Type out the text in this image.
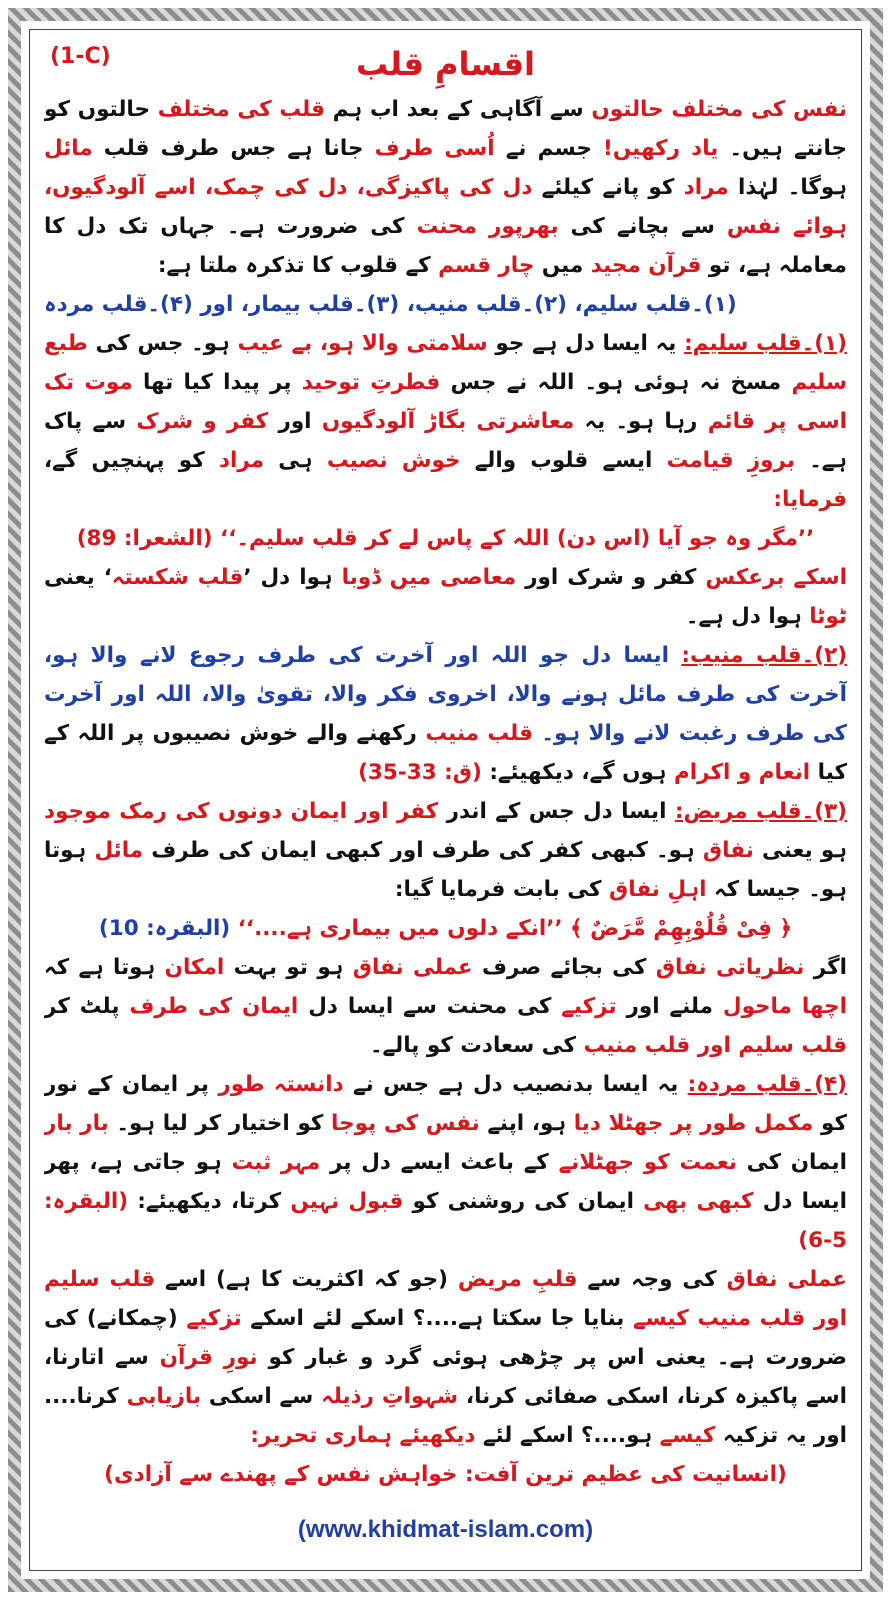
(1-C)	اقسامِ قلب

نفس کی مختلف حالتوں سے آگاہی کے بعد اب ہم قلب کی مختلف حالتوں کو جانتے ہیں۔ یاد رکھیں! جسم نے اُسی طرف جانا ہے جس طرف قلب مائل ہوگا۔ لہٰذا مراد کو پانے کیلئے دل کی پاکیزگی، دل کی چمک، اسے آلودگیوں، ہوائے نفس سے بچانے کی بھرپور محنت کی ضرورت ہے۔ جہاں تک دل کا معاملہ ہے، تو قرآن مجید میں چار قسم کے قلوب کا تذکرہ ملتا ہے:

(۱)۔قلب سلیم، (۲)۔قلب منیب، (۳)۔قلب بیمار، اور (۴)۔قلب مردہ

(۱)۔قلب سلیم: یہ ایسا دل ہے جو سلامتی والا ہو، بے عیب ہو۔ جس کی طبع سلیم مسخ نہ ہوئی ہو۔ اللہ نے جس فطرتِ توحید پر پیدا کیا تھا موت تک اسی پر قائم رہا ہو۔ یہ معاشرتی بگاڑ آلودگیوں اور کفر و شرک سے پاک ہے۔ بروزِ قیامت ایسے قلوب والے خوش نصیب ہی مراد کو پہنچیں گے، فرمایا:

’’مگر وہ جو آیا (اس دن) اللہ کے پاس لے کر قلب سلیم۔‘‘ (الشعرا: 89)

اسکے برعکس کفر و شرک اور معاصی میں ڈوبا ہوا دل ’قلب شکستہ‘ یعنی ٹوٹا ہوا دل ہے۔

(۲)۔قلب منیب: ایسا دل جو اللہ اور آخرت کی طرف رجوع لانے والا ہو، آخرت کی طرف مائل ہونے والا، اخروی فکر والا، تقویٰ والا، اللہ اور آخرت کی طرف رغبت لانے والا ہو۔ قلب منیب رکھنے والے خوش نصیبوں پر اللہ کے کیا انعام و اکرام ہوں گے، دیکھیئے: (ق: 33-35)

(۳)۔قلب مریض: ایسا دل جس کے اندر کفر اور ایمان دونوں کی رمک موجود ہو یعنی نفاق ہو۔ کبھی کفر کی طرف اور کبھی ایمان کی طرف مائل ہوتا ہو۔ جیسا کہ اہلِ نفاق کی بابت فرمایا گیا:

﴿ فِیْ قُلُوْبِهِمْ مَّرَضٌ ﴾ ’’انکے دلوں میں بیماری ہے....‘‘ (البقرہ: 10)

اگر نظریاتی نفاق کی بجائے صرف عملی نفاق ہو تو بہت امکان ہوتا ہے کہ اچھا ماحول ملنے اور تزکیے کی محنت سے ایسا دل ایمان کی طرف پلٹ کر قلب سلیم اور قلب منیب کی سعادت کو پالے۔

(۴)۔قلب مردہ: یہ ایسا بدنصیب دل ہے جس نے دانستہ طور پر ایمان کے نور کو مکمل طور پر جھٹلا دیا ہو، اپنے نفس کی پوجا کو اختیار کر لیا ہو۔ بار بار ایمان کی نعمت کو جھٹلانے کے باعث ایسے دل پر مہر ثبت ہو جاتی ہے، پھر ایسا دل کبھی بھی ایمان کی روشنی کو قبول نہیں کرتا، دیکھیئے: (البقرہ: 5-6)

عملی نفاق کی وجہ سے قلبِ مریض (جو کہ اکثریت کا ہے) اسے قلب سلیم اور قلب منیب کیسے بنایا جا سکتا ہے....؟ اسکے لئے اسکے تزکیے (چمکانے) کی ضرورت ہے۔ یعنی اس پر چڑھی ہوئی گرد و غبار کو نورِ قرآن سے اتارنا، اسے پاکیزہ کرنا، اسکی صفائی کرنا، شہواتِ رذیلہ سے اسکی بازیابی کرنا.... اور یہ تزکیہ کیسے ہو....؟ اسکے لئے دیکھیئے ہماری تحریر:

(انسانیت کی عظیم ترین آفت: خواہش نفس کے پھندے سے آزادی)

(www.khidmat-islam.com)
